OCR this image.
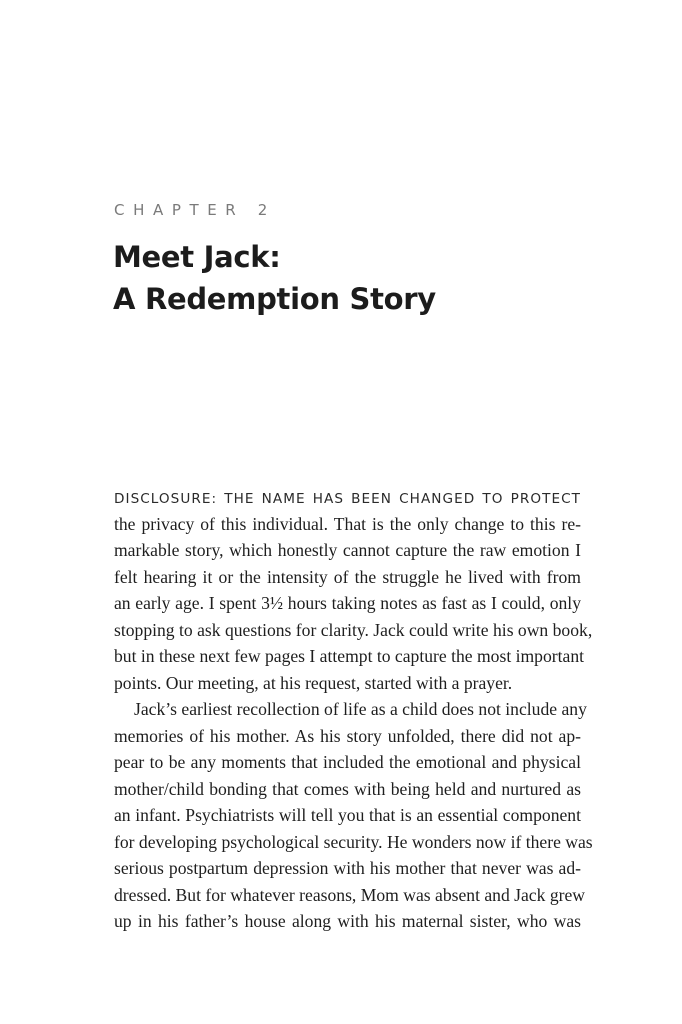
CHAPTER 2
Meet Jack:
A Redemption Story
DISCLOSURE: THE NAME HAS BEEN CHANGED TO PROTECT
the privacy of this individual. That is the only change to this re-
markable story, which honestly cannot capture the raw emotion I
felt hearing it or the intensity of the struggle he lived with from
an early age. I spent 3½ hours taking notes as fast as I could, only
stopping to ask questions for clarity. Jack could write his own book,
but in these next few pages I attempt to capture the most important
points. Our meeting, at his request, started with a prayer.
Jack’s earliest recollection of life as a child does not include any
memories of his mother. As his story unfolded, there did not ap-
pear to be any moments that included the emotional and physical
mother/child bonding that comes with being held and nurtured as
an infant. Psychiatrists will tell you that is an essential component
for developing psychological security. He wonders now if there was
serious postpartum depression with his mother that never was ad-
dressed. But for whatever reasons, Mom was absent and Jack grew
up in his father’s house along with his maternal sister, who was
